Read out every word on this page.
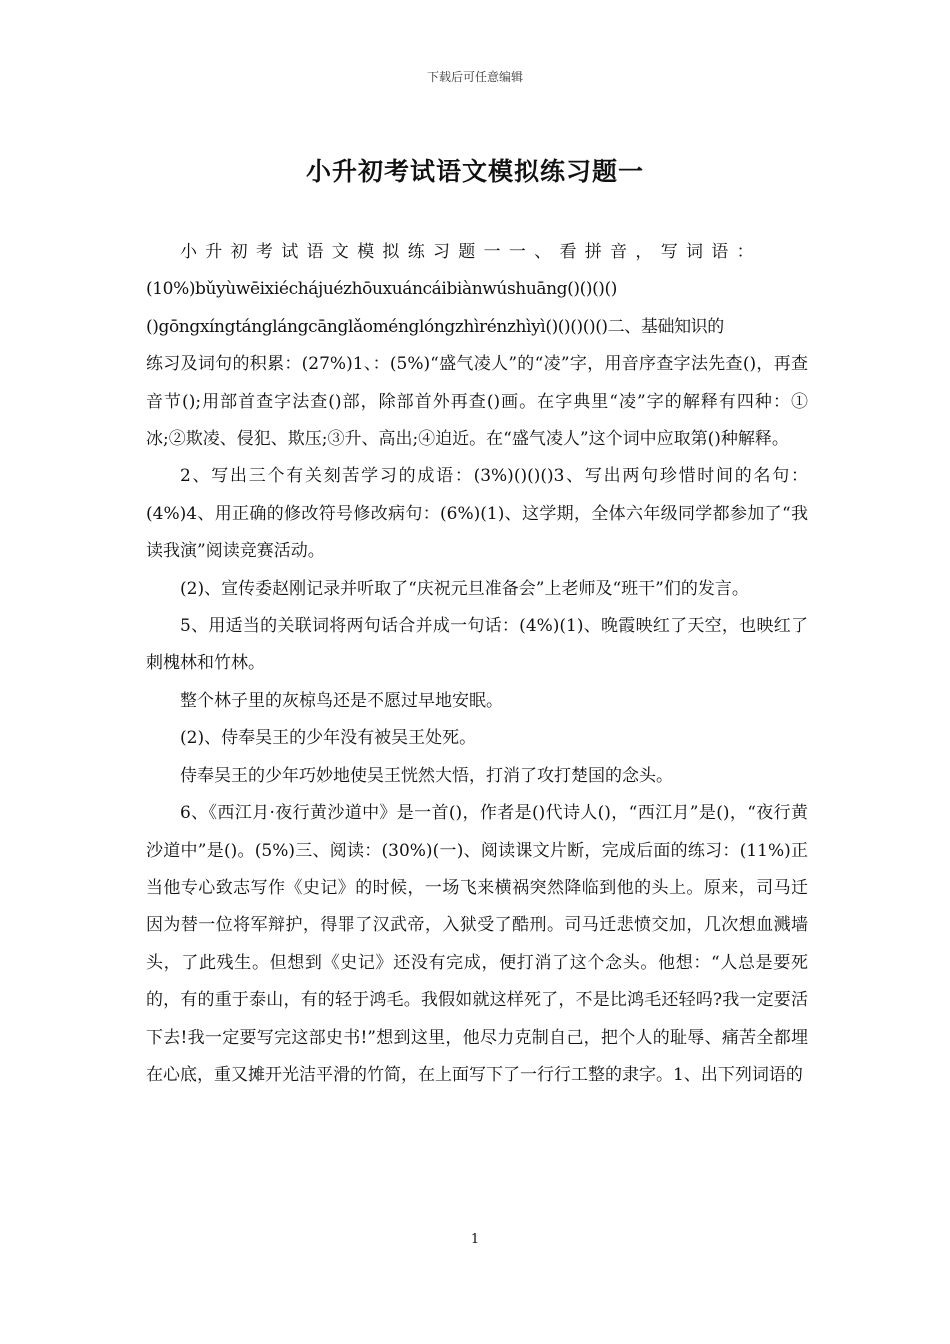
下载后可任意编辑
小升初考试语文模拟练习题一

小升初考试语文模拟练习题一一、看拼音，写词语：

(10%)bǔyùwēixiéchájuézhōuxuáncáibiànwúshuāng()()()()

()gōngxíngtánglángcānglǎoménglóngzhìrénzhìyì()()()()()二、基础知识的

练习及词句的积累：(27%)1、：(5%)“盛气凌人”的“凌”字，用音序查字法先查()，再查音节();用部首查字法查()部，除部首外再查()画。在字典里“凌”字的解释有四种：①冰;②欺凌、侵犯、欺压;③升、高出;④迫近。在“盛气凌人”这个词中应取第()种解释。

2、写出三个有关刻苦学习的成语：(3%)()()()3、写出两句珍惜时间的名句：(4%)4、用正确的修改符号修改病句：(6%)(1)、这学期，全体六年级同学都参加了“我读我演”阅读竞赛活动。

(2)、宣传委赵刚记录并听取了“庆祝元旦准备会”上老师及“班干”们的发言。

5、用适当的关联词将两句话合并成一句话：(4%)(1)、晚霞映红了天空，也映红了刺槐林和竹林。

整个林子里的灰椋鸟还是不愿过早地安眠。

(2)、侍奉吴王的少年没有被吴王处死。

侍奉吴王的少年巧妙地使吴王恍然大悟，打消了攻打楚国的念头。

6、《西江月·夜行黄沙道中》是一首()，作者是()代诗人()，“西江月”是()，“夜行黄沙道中”是()。(5%)三、阅读：(30%)(一)、阅读课文片断，完成后面的练习：(11%)正当他专心致志写作《史记》的时候，一场飞来横祸突然降临到他的头上。原来，司马迁因为替一位将军辩护，得罪了汉武帝，入狱受了酷刑。司马迁悲愤交加，几次想血溅墙头，了此残生。但想到《史记》还没有完成，便打消了这个念头。他想：“人总是要死的，有的重于泰山，有的轻于鸿毛。我假如就这样死了，不是比鸿毛还轻吗?我一定要活下去!我一定要写完这部史书!”想到这里，他尽力克制自己，把个人的耻辱、痛苦全都埋在心底，重又摊开光洁平滑的竹简，在上面写下了一行行工整的隶字。1、出下列词语的

1
